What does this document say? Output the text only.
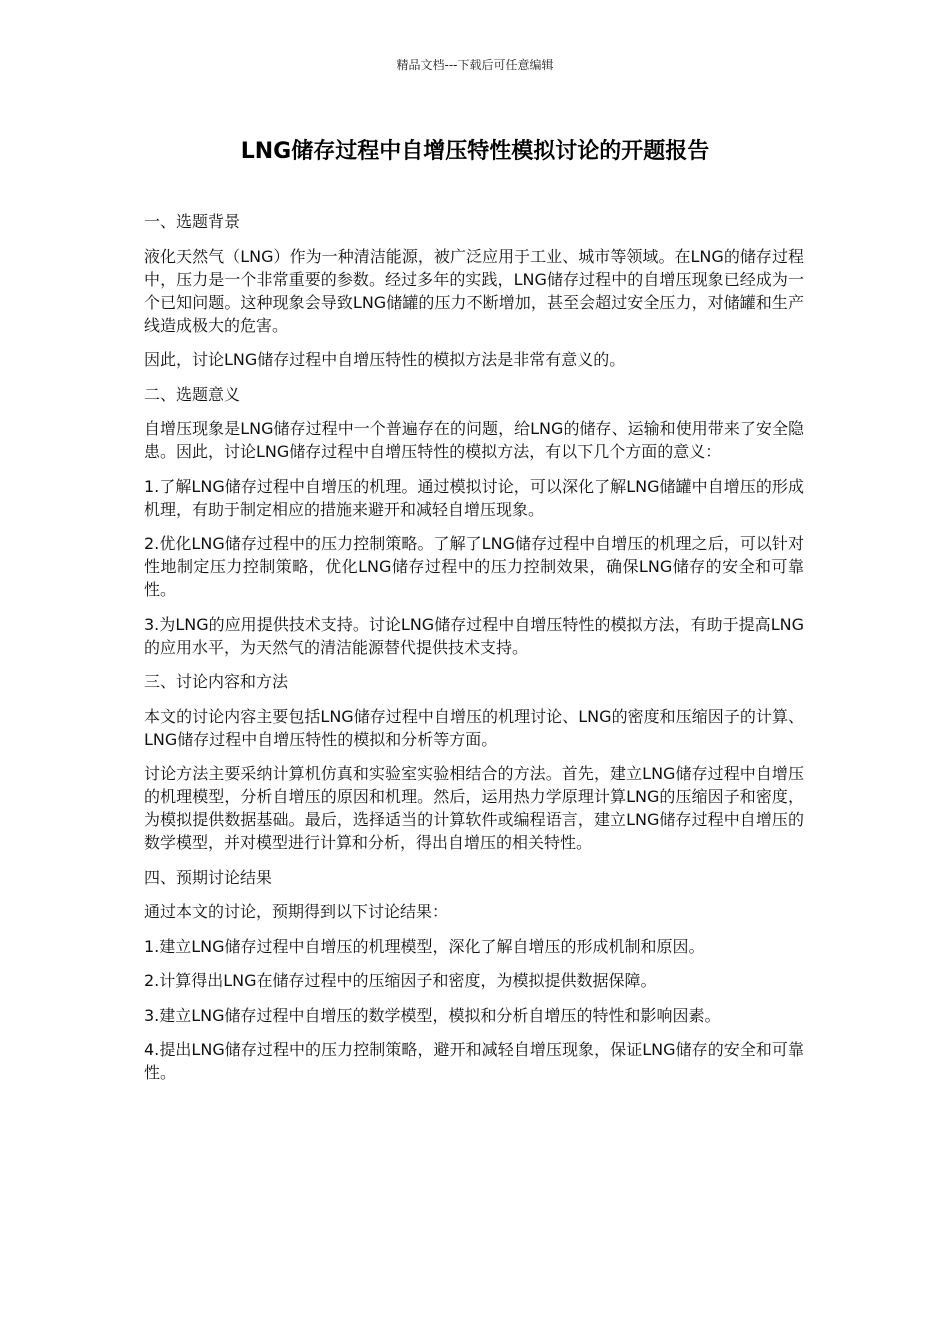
精品文档---下载后可任意编辑
LNG储存过程中自增压特性模拟讨论的开题报告

一、选题背景

液化天然气（LNG）作为一种清洁能源，被广泛应用于工业、城市等领域。在LNG的储存过程中，压力是一个非常重要的参数。经过多年的实践，LNG储存过程中的自增压现象已经成为一个已知问题。这种现象会导致LNG储罐的压力不断增加，甚至会超过安全压力，对储罐和生产线造成极大的危害。

因此，讨论LNG储存过程中自增压特性的模拟方法是非常有意义的。

二、选题意义

自增压现象是LNG储存过程中一个普遍存在的问题，给LNG的储存、运输和使用带来了安全隐患。因此，讨论LNG储存过程中自增压特性的模拟方法，有以下几个方面的意义：

1.了解LNG储存过程中自增压的机理。通过模拟讨论，可以深化了解LNG储罐中自增压的形成机理，有助于制定相应的措施来避开和减轻自增压现象。

2.优化LNG储存过程中的压力控制策略。了解了LNG储存过程中自增压的机理之后，可以针对性地制定压力控制策略，优化LNG储存过程中的压力控制效果，确保LNG储存的安全和可靠性。

3.为LNG的应用提供技术支持。讨论LNG储存过程中自增压特性的模拟方法，有助于提高LNG的应用水平，为天然气的清洁能源替代提供技术支持。

三、讨论内容和方法

本文的讨论内容主要包括LNG储存过程中自增压的机理讨论、LNG的密度和压缩因子的计算、LNG储存过程中自增压特性的模拟和分析等方面。

讨论方法主要采纳计算机仿真和实验室实验相结合的方法。首先，建立LNG储存过程中自增压的机理模型，分析自增压的原因和机理。然后，运用热力学原理计算LNG的压缩因子和密度，为模拟提供数据基础。最后，选择适当的计算软件或编程语言，建立LNG储存过程中自增压的数学模型，并对模型进行计算和分析，得出自增压的相关特性。

四、预期讨论结果

通过本文的讨论，预期得到以下讨论结果：

1.建立LNG储存过程中自增压的机理模型，深化了解自增压的形成机制和原因。

2.计算得出LNG在储存过程中的压缩因子和密度，为模拟提供数据保障。

3.建立LNG储存过程中自增压的数学模型，模拟和分析自增压的特性和影响因素。

4.提出LNG储存过程中的压力控制策略，避开和减轻自增压现象，保证LNG储存的安全和可靠性。
